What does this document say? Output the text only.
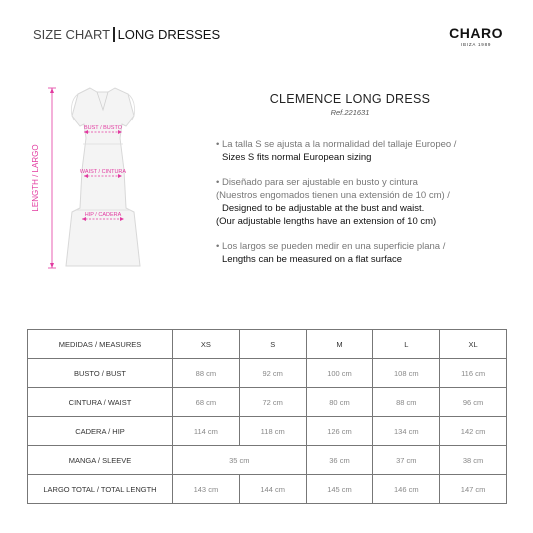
SIZE CHART LONG DRESSES	CHARO
IBIZA 1989
LENGTH / LARGO
BUST / BUSTO
WAIST / CINTURA
HIP / CADERA
CLEMENCE LONG DRESS
Ref.221631
• La talla S se ajusta a la normalidad del tallaje Europeo /
Sizes S fits normal European sizing
• Diseñado para ser ajustable en busto y cintura
(Nuestros engomados tienen una extensión de 10 cm) /
Designed to be adjustable at the bust and waist.
(Our adjustable lengths have an extension of 10 cm)
• Los largos se pueden medir en una superficie plana /
Lengths can be measured on a flat surface
MEDIDAS / MEASURES	XS	S	M	L	XL
BUSTO / BUST	88 cm	92 cm	100 cm	108 cm	116 cm
CINTURA / WAIST	68 cm	72 cm	80 cm	88 cm	96 cm
CADERA / HIP	114 cm	118 cm	126 cm	134 cm	142 cm
MANGA / SLEEVE	35 cm		36 cm	37 cm	38 cm
LARGO TOTAL / TOTAL LENGTH	143 cm	144 cm	145 cm	146 cm	147 cm
